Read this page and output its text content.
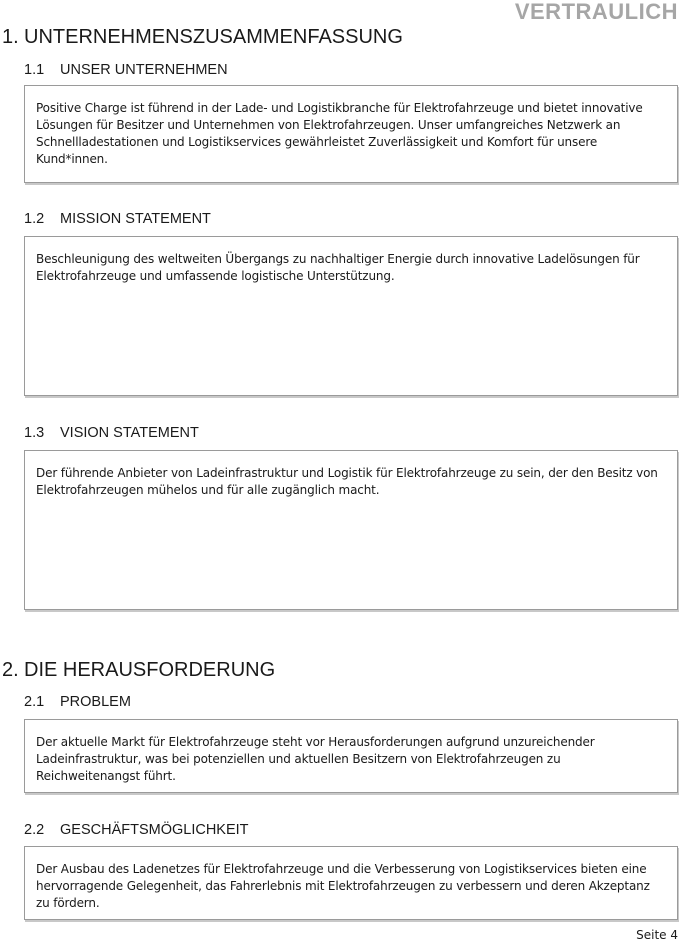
VERTRAULICH
1. UNTERNEHMENSZUSAMMENFASSUNG
1.1 UNSER UNTERNEHMEN

Positive Charge ist führend in der Lade- und Logistikbranche für Elektrofahrzeuge und bietet innovative Lösungen für Besitzer und Unternehmen von Elektrofahrzeugen. Unser umfangreiches Netzwerk an Schnellladestationen und Logistikservices gewährleistet Zuverlässigkeit und Komfort für unsere Kund*innen.

1.2 MISSION STATEMENT

Beschleunigung des weltweiten Übergangs zu nachhaltiger Energie durch innovative Ladelösungen für Elektrofahrzeuge und umfassende logistische Unterstützung.

1.3 VISION STATEMENT

Der führende Anbieter von Ladeinfrastruktur und Logistik für Elektrofahrzeuge zu sein, der den Besitz von Elektrofahrzeugen mühelos und für alle zugänglich macht.

2. DIE HERAUSFORDERUNG
2.1 PROBLEM

Der aktuelle Markt für Elektrofahrzeuge steht vor Herausforderungen aufgrund unzureichender Ladeinfrastruktur, was bei potenziellen und aktuellen Besitzern von Elektrofahrzeugen zu Reichweitenangst führt.

2.2 GESCHÄFTSMÖGLICHKEIT

Der Ausbau des Ladenetzes für Elektrofahrzeuge und die Verbesserung von Logistikservices bieten eine hervorragende Gelegenheit, das Fahrerlebnis mit Elektrofahrzeugen zu verbessern und deren Akzeptanz zu fördern.

Seite 4
